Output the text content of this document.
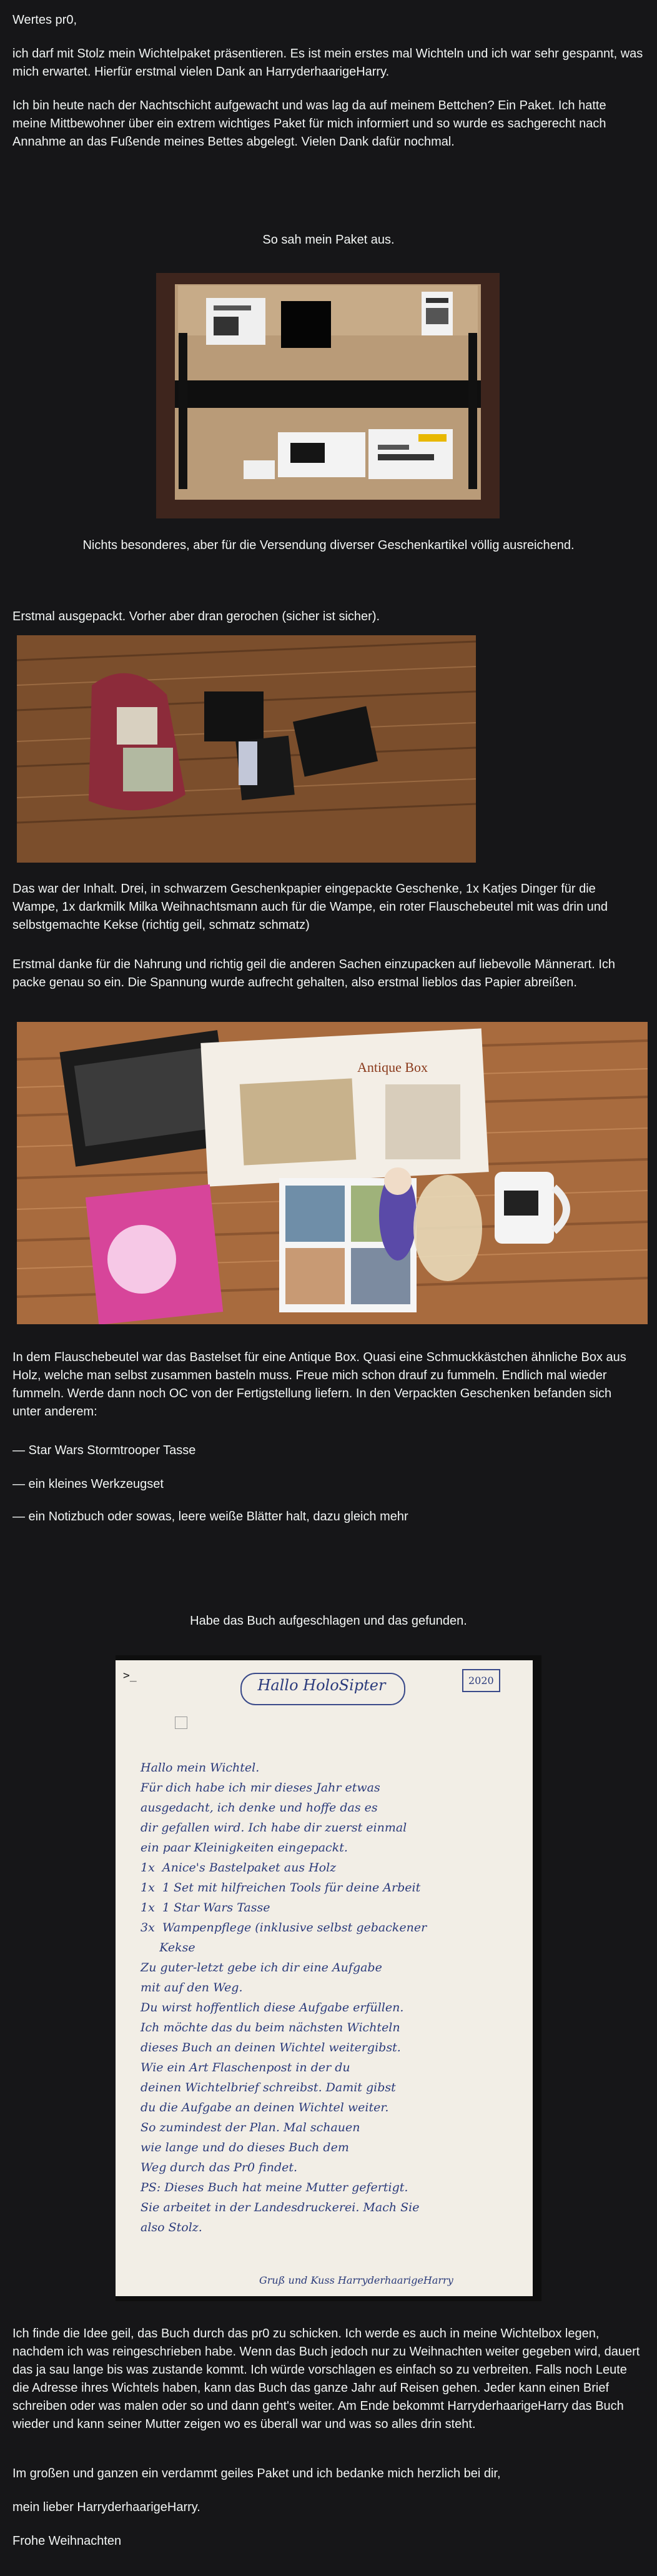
Wertes pr0,

ich darf mit Stolz mein Wichtelpaket präsentieren. Es ist mein erstes mal Wichteln und ich war sehr gespannt, was mich erwartet. Hierfür erstmal vielen Dank an HarryderhaarigeHarry.

Ich bin heute nach der Nachtschicht aufgewacht und was lag da auf meinem Bettchen? Ein Paket. Ich hatte meine Mittbewohner über ein extrem wichtiges Paket für mich informiert und so wurde es sachgerecht nach Annahme an das Fußende meines Bettes abgelegt. Vielen Dank dafür nochmal.

So sah mein Paket aus.

Nichts besonderes, aber für die Versendung diverser Geschenkartikel völlig ausreichend.

Erstmal ausgepackt. Vorher aber dran gerochen (sicher ist sicher).

Das war der Inhalt. Drei, in schwarzem Geschenkpapier eingepackte Geschenke, 1x Katjes Dinger für die Wampe, 1x darkmilk Milka Weihnachtsmann auch für die Wampe, ein roter Flauschebeutel mit was drin und selbstgemachte Kekse (richtig geil, schmatz schmatz)

Erstmal danke für die Nahrung und richtig geil die anderen Sachen einzupacken auf liebevolle Männerart. Ich packe genau so ein. Die Spannung wurde aufrecht gehalten, also erstmal lieblos das Papier abreißen.

Antique Box

In dem Flauschebeutel war das Bastelset für eine Antique Box. Quasi eine Schmuckkästchen ähnliche Box aus Holz, welche man selbst zusammen basteln muss. Freue mich schon drauf zu fummeln. Endlich mal wieder fummeln. Werde dann noch OC von der Fertigstellung liefern. In den Verpackten Geschenken befanden sich unter anderem:

— Star Wars Stormtrooper Tasse

— ein kleines Werkzeugset

— ein Notizbuch oder sowas, leere weiße Blätter halt, dazu gleich mehr

Habe das Buch aufgeschlagen und das gefunden.

>_
Hallo HoloSipter	2020
Hallo mein Wichtel.
Für dich habe ich mir dieses Jahr etwas
ausgedacht, ich denke und hoffe das es
dir gefallen wird. Ich habe dir zuerst einmal
ein paar Kleinigkeiten eingepackt.
1x  Anice's Bastelpaket aus Holz
1x  1 Set mit hilfreichen Tools für deine Arbeit
1x  1 Star Wars Tasse
3x  Wampenpflege (inklusive selbst gebackener
Kekse
Zu guter-letzt gebe ich dir eine Aufgabe
mit auf den Weg.
Du wirst hoffentlich diese Aufgabe erfüllen.
Ich möchte das du beim nächsten Wichteln
dieses Buch an deinen Wichtel weitergibst.
Wie ein Art Flaschenpost in der du
deinen Wichtelbrief schreibst. Damit gibst
du die Aufgabe an deinen Wichtel weiter.
So zumindest der Plan. Mal schauen
wie lange und do dieses Buch dem
Weg durch das Pr0 findet.
PS: Dieses Buch hat meine Mutter gefertigt.
Sie arbeitet in der Landesdruckerei. Mach Sie
also Stolz.
Gruß und Kuss HarryderhaarigeHarry

Ich finde die Idee geil, das Buch durch das pr0 zu schicken. Ich werde es auch in meine Wichtelbox legen, nachdem ich was reingeschrieben habe. Wenn das Buch jedoch nur zu Weihnachten weiter gegeben wird, dauert das ja sau lange bis was zustande kommt. Ich würde vorschlagen es einfach so zu verbreiten. Falls noch Leute die Adresse ihres Wichtels haben, kann das Buch das ganze Jahr auf Reisen gehen. Jeder kann einen Brief schreiben oder was malen oder so und dann geht's weiter. Am Ende bekommt HarryderhaarigeHarry das Buch wieder und kann seiner Mutter zeigen wo es überall war und was so alles drin steht.

Im großen und ganzen ein verdammt geiles Paket und ich bedanke mich herzlich bei dir,

mein lieber HarryderhaarigeHarry.

Frohe Weihnachten
